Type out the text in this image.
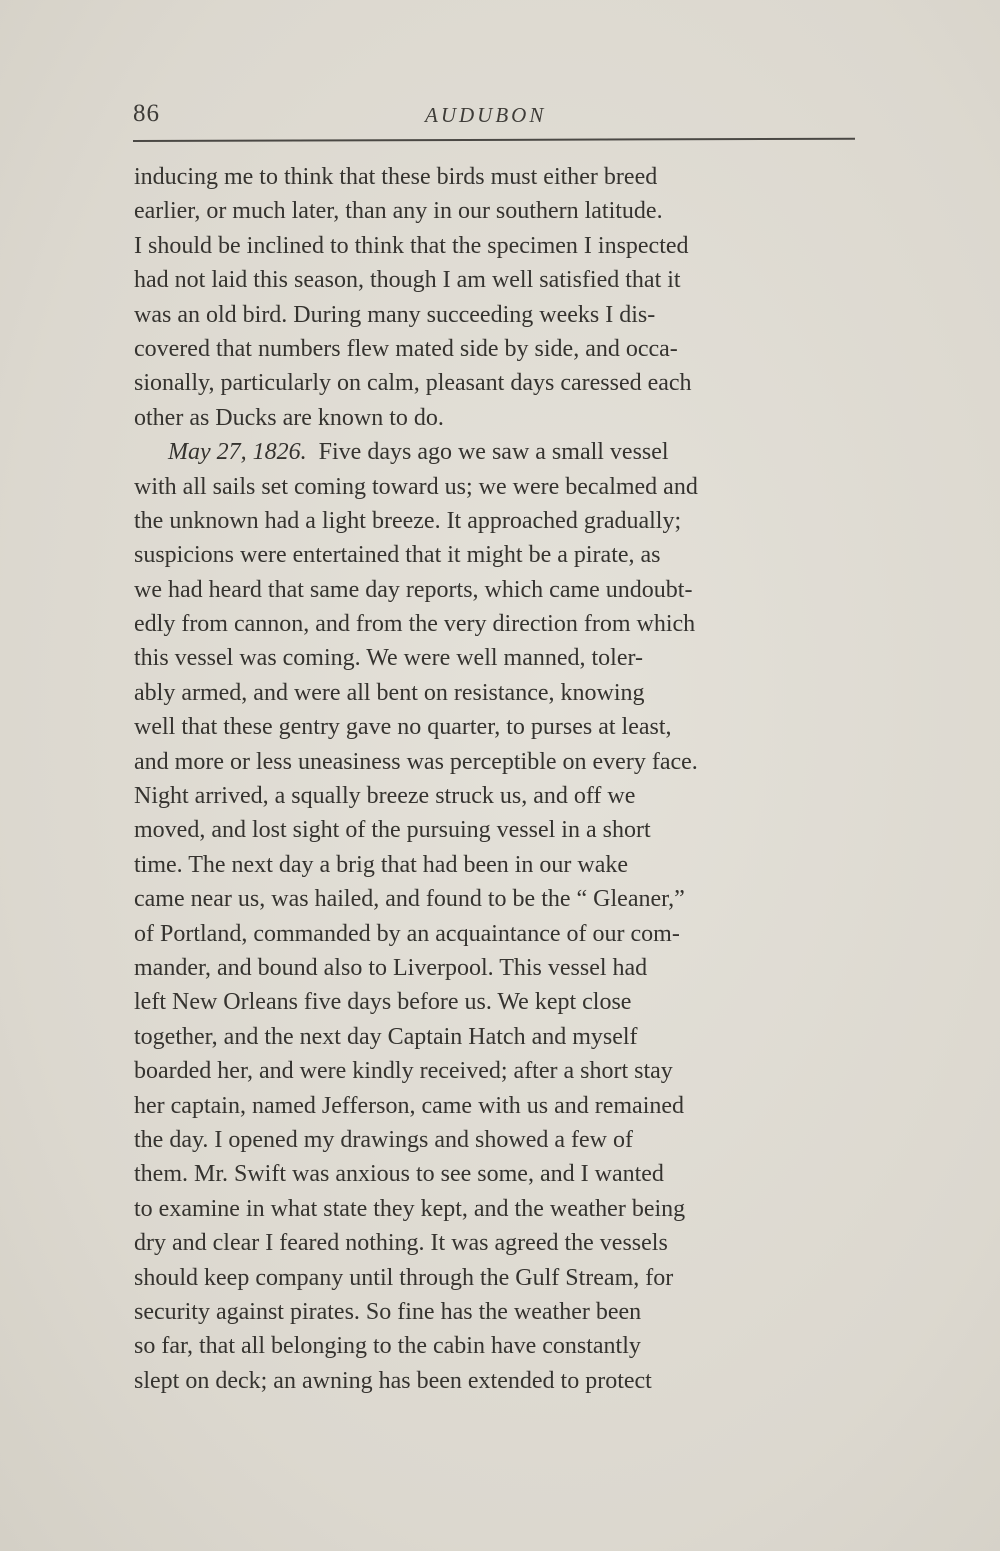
86	AUDUBON
inducing me to think that these birds must either breed
earlier, or much later, than any in our southern latitude.
I should be inclined to think that the specimen I inspected
had not laid this season, though I am well satisfied that it
was an old bird. During many succeeding weeks I dis-
covered that numbers flew mated side by side, and occa-
sionally, particularly on calm, pleasant days caressed each
other as Ducks are known to do.
May 27, 1826. Five days ago we saw a small vessel
with all sails set coming toward us; we were becalmed and
the unknown had a light breeze. It approached gradually;
suspicions were entertained that it might be a pirate, as
we had heard that same day reports, which came undoubt-
edly from cannon, and from the very direction from which
this vessel was coming. We were well manned, toler-
ably armed, and were all bent on resistance, knowing
well that these gentry gave no quarter, to purses at least,
and more or less uneasiness was perceptible on every face.
Night arrived, a squally breeze struck us, and off we
moved, and lost sight of the pursuing vessel in a short
time. The next day a brig that had been in our wake
came near us, was hailed, and found to be the “ Gleaner,”
of Portland, commanded by an acquaintance of our com-
mander, and bound also to Liverpool. This vessel had
left New Orleans five days before us. We kept close
together, and the next day Captain Hatch and myself
boarded her, and were kindly received; after a short stay
her captain, named Jefferson, came with us and remained
the day. I opened my drawings and showed a few of
them. Mr. Swift was anxious to see some, and I wanted
to examine in what state they kept, and the weather being
dry and clear I feared nothing. It was agreed the vessels
should keep company until through the Gulf Stream, for
security against pirates. So fine has the weather been
so far, that all belonging to the cabin have constantly
slept on deck; an awning has been extended to protect
